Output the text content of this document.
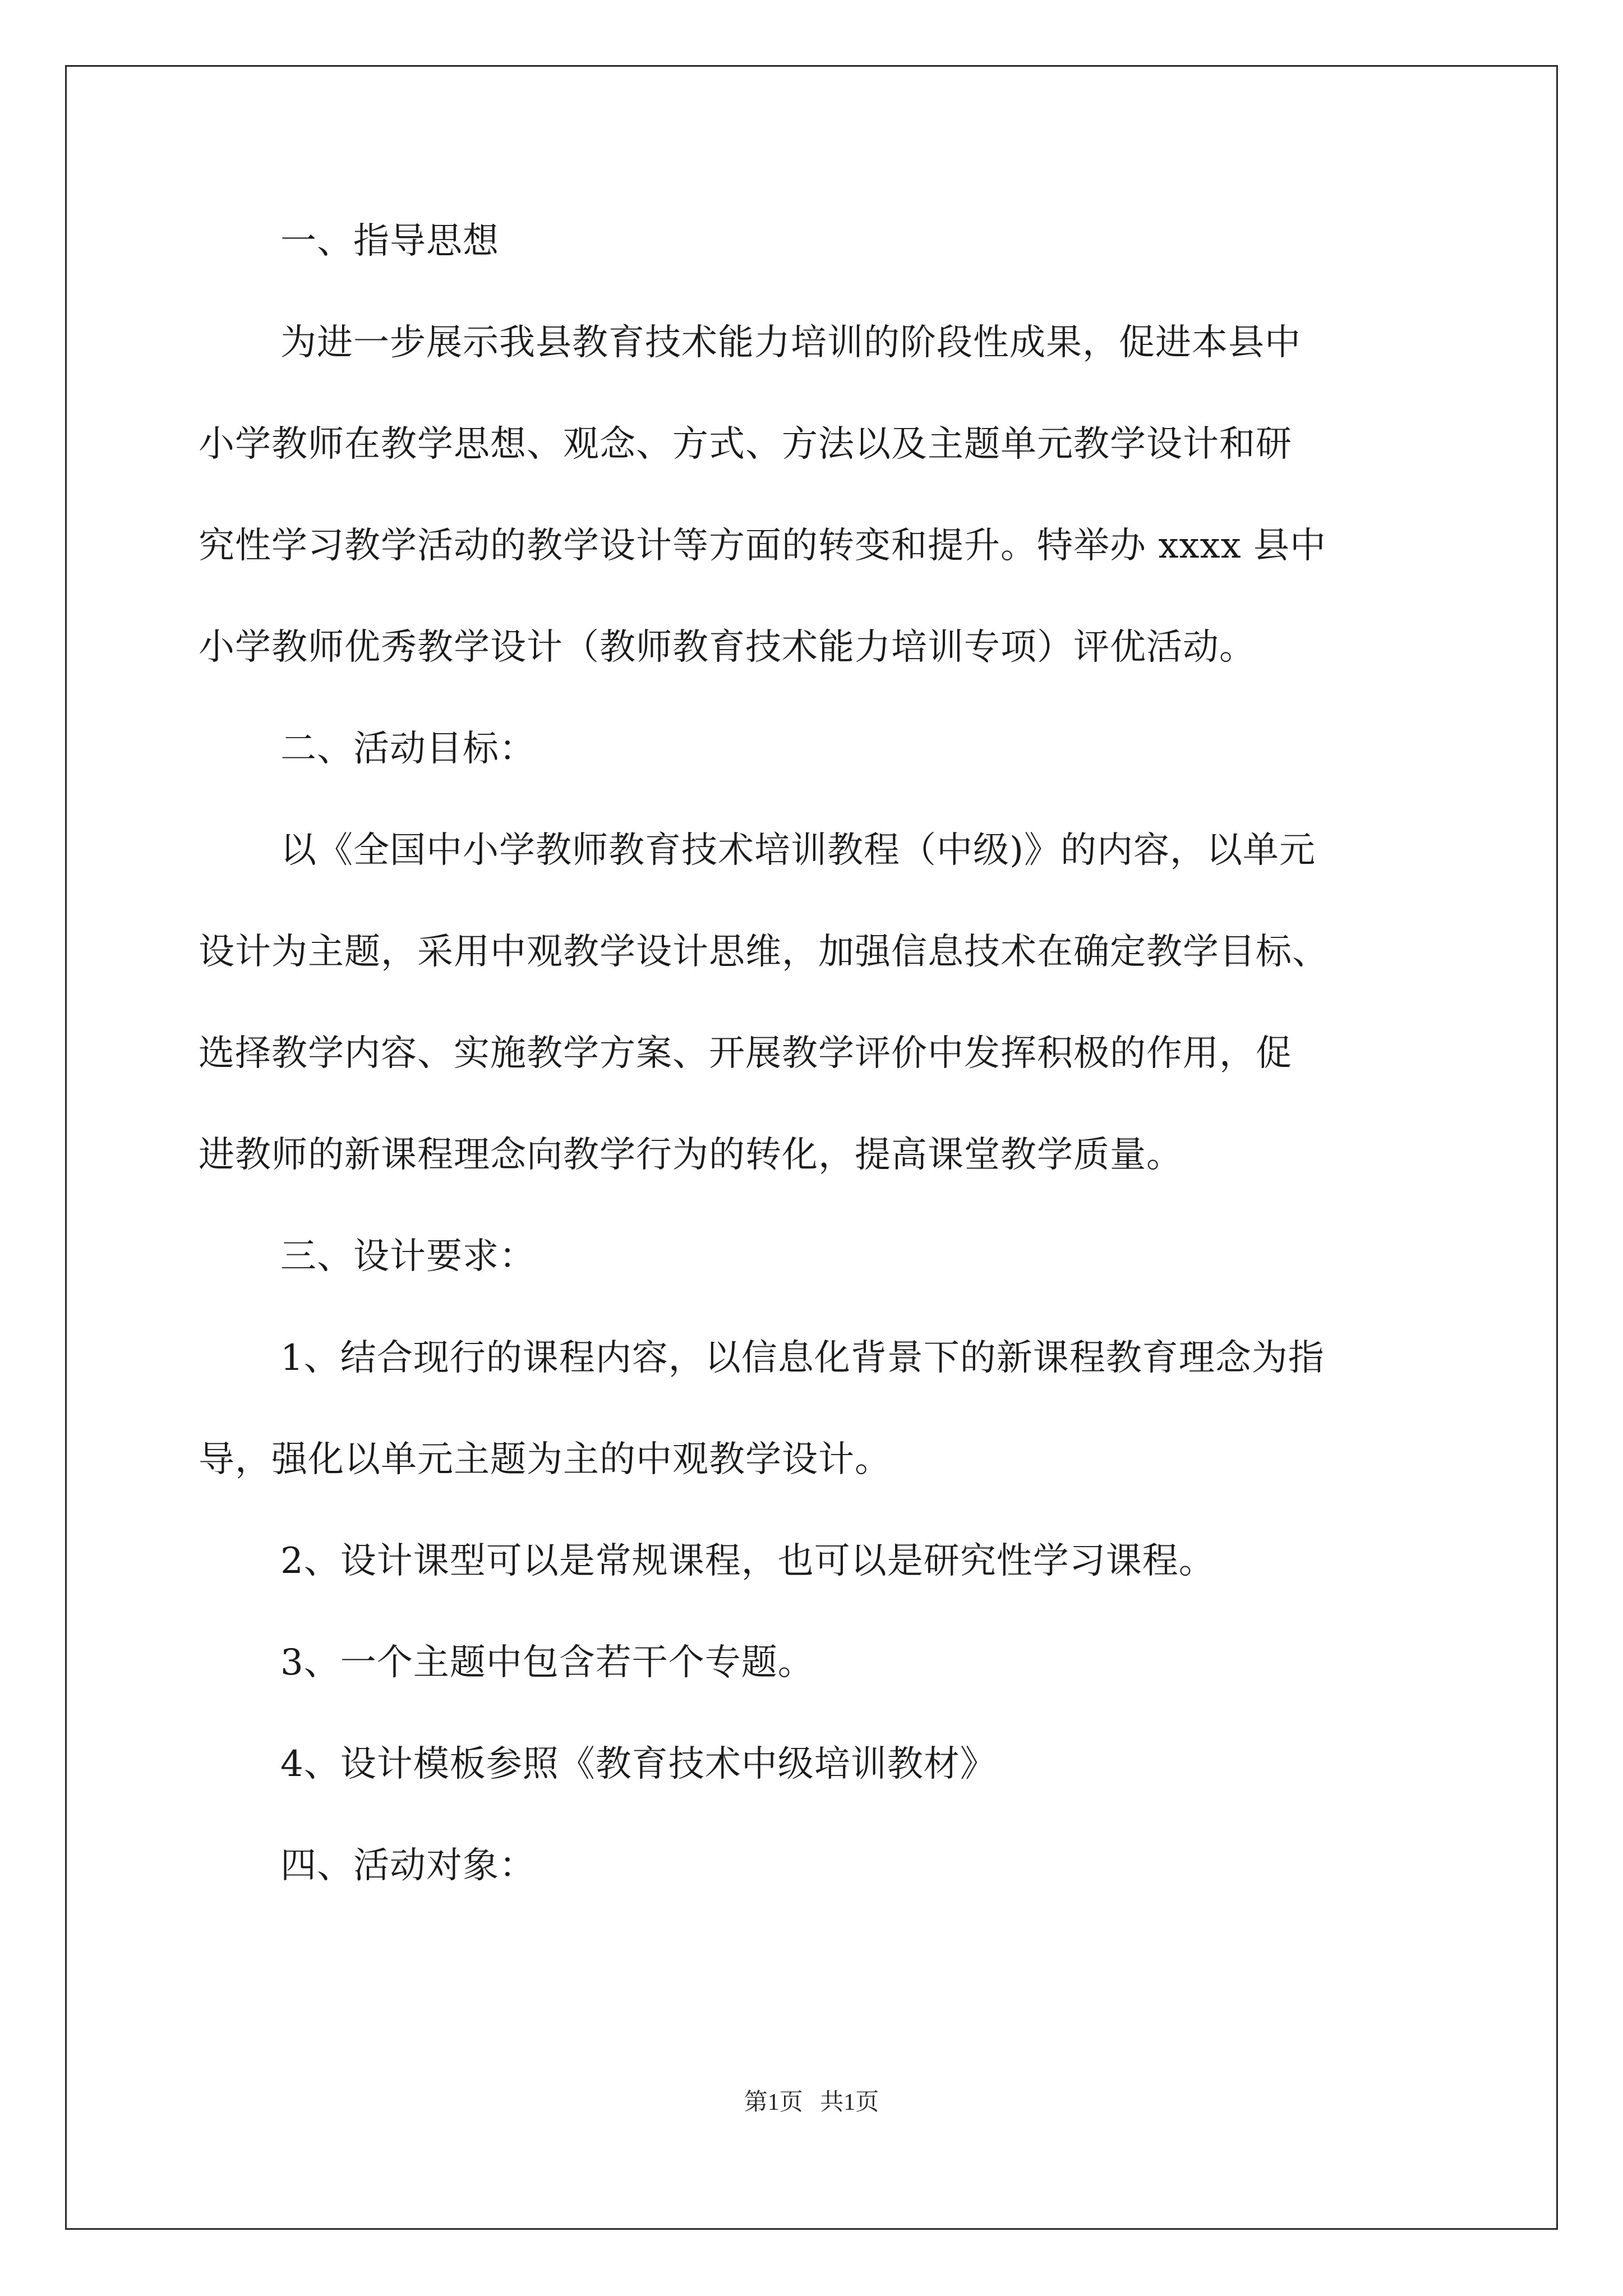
一、指导思想

为进一步展示我县教育技术能力培训的阶段性成果，促进本县中

小学教师在教学思想、观念、方式、方法以及主题单元教学设计和研

究性学习教学活动的教学设计等方面的转变和提升。特举办 xxxx 县中

小学教师优秀教学设计（教师教育技术能力培训专项）评优活动。

二、活动目标：

以《全国中小学教师教育技术培训教程（中级)》的内容，以单元

设计为主题，采用中观教学设计思维，加强信息技术在确定教学目标、

选择教学内容、实施教学方案、开展教学评价中发挥积极的作用，促

进教师的新课程理念向教学行为的转化，提高课堂教学质量。

三、设计要求：

1、结合现行的课程内容，以信息化背景下的新课程教育理念为指

导，强化以单元主题为主的中观教学设计。

2、设计课型可以是常规课程，也可以是研究性学习课程。

3、一个主题中包含若干个专题。

4、设计模板参照《教育技术中级培训教材》

四、活动对象：

第1页 共1页
